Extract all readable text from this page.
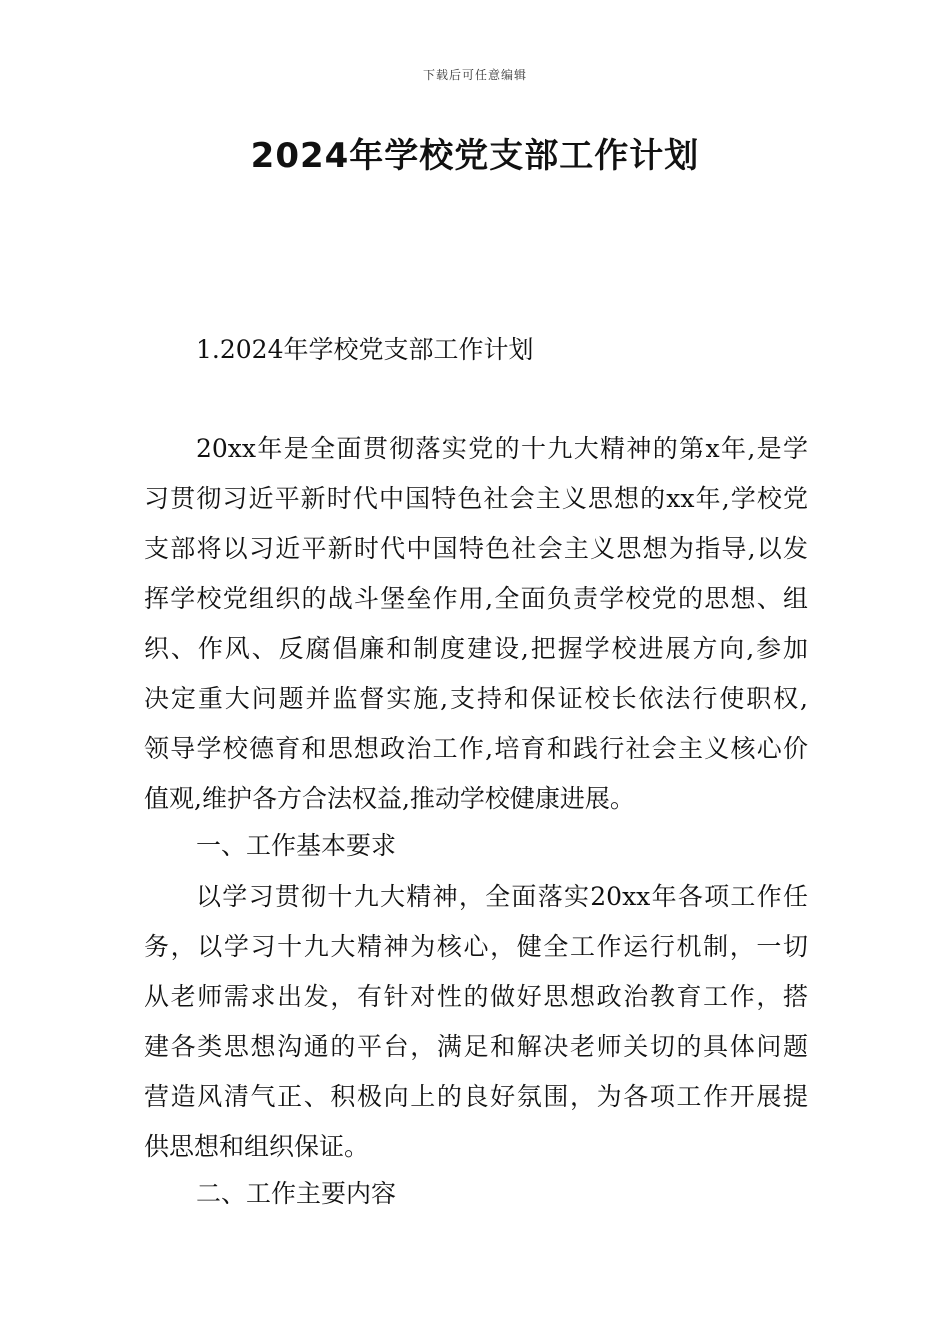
下载后可任意编辑
2024年学校党支部工作计划
1.2024年学校党支部工作计划
20xx年是全面贯彻落实党的十九大精神的第x年,是学
习贯彻习近平新时代中国特色社会主义思想的xx年,学校党
支部将以习近平新时代中国特色社会主义思想为指导,以发
挥学校党组织的战斗堡垒作用,全面负责学校党的思想、组
织、作风、反腐倡廉和制度建设,把握学校进展方向,参加
决定重大问题并监督实施,支持和保证校长依法行使职权,
领导学校德育和思想政治工作,培育和践行社会主义核心价
值观,维护各方合法权益,推动学校健康进展。
一、工作基本要求
以学习贯彻十九大精神，全面落实20xx年各项工作任
务，以学习十九大精神为核心，健全工作运行机制，一切
从老师需求出发，有针对性的做好思想政治教育工作，搭
建各类思想沟通的平台，满足和解决老师关切的具体问题
营造风清气正、积极向上的良好氛围，为各项工作开展提
供思想和组织保证。
二、工作主要内容
